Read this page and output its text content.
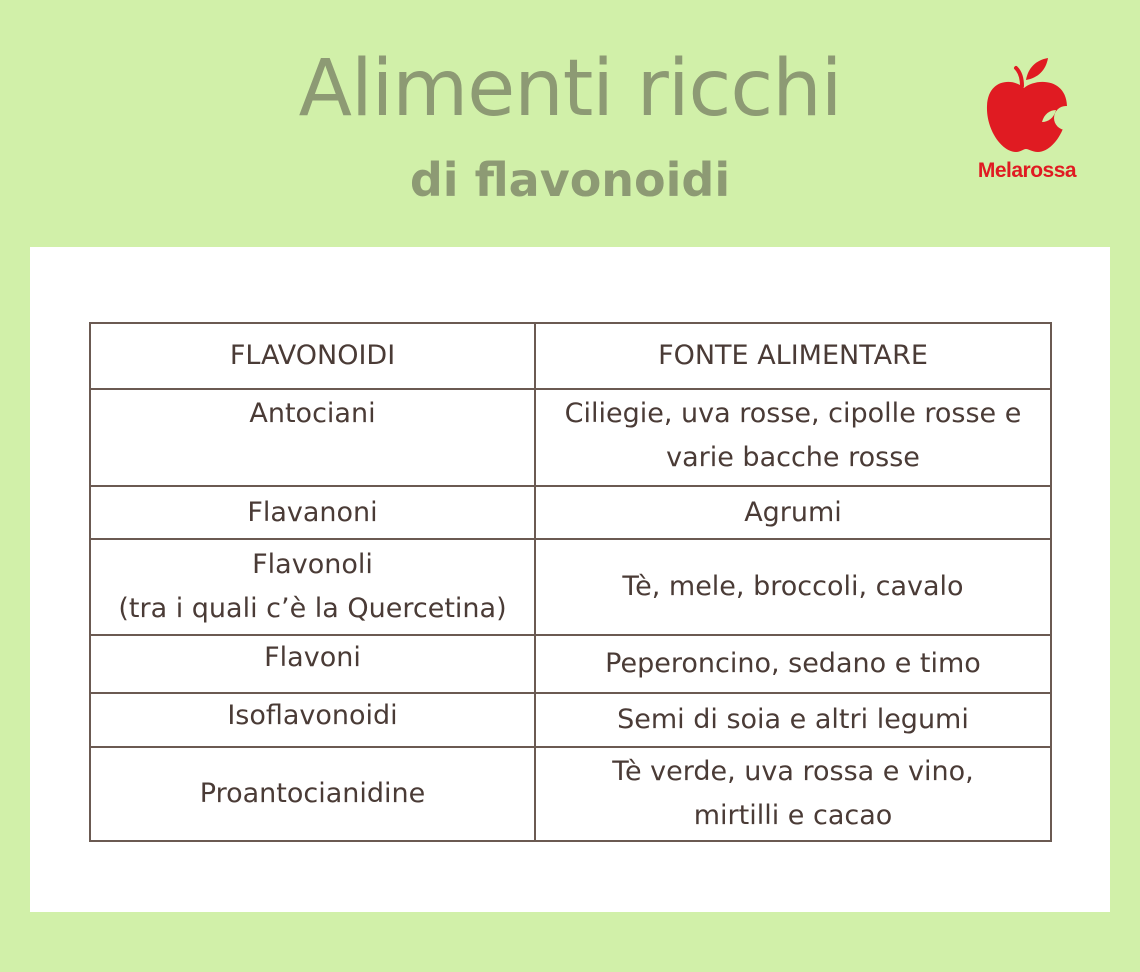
Alimenti ricchi
di flavonoidi	Melarossa
FLAVONOIDI	FONTE ALIMENTARE

Antociani	Ciliegie, uva rosse, cipolle rosse e
varie bacche rosse

Flavanoni	Agrumi

Flavonoli
(tra i quali c’è la Quercetina)	Tè, mele, broccoli, cavalo

Flavoni	Peperoncino, sedano e timo

Isoflavonoidi	Semi di soia e altri legumi

Proantocianidine	Tè verde, uva rossa e vino,
mirtilli e cacao
